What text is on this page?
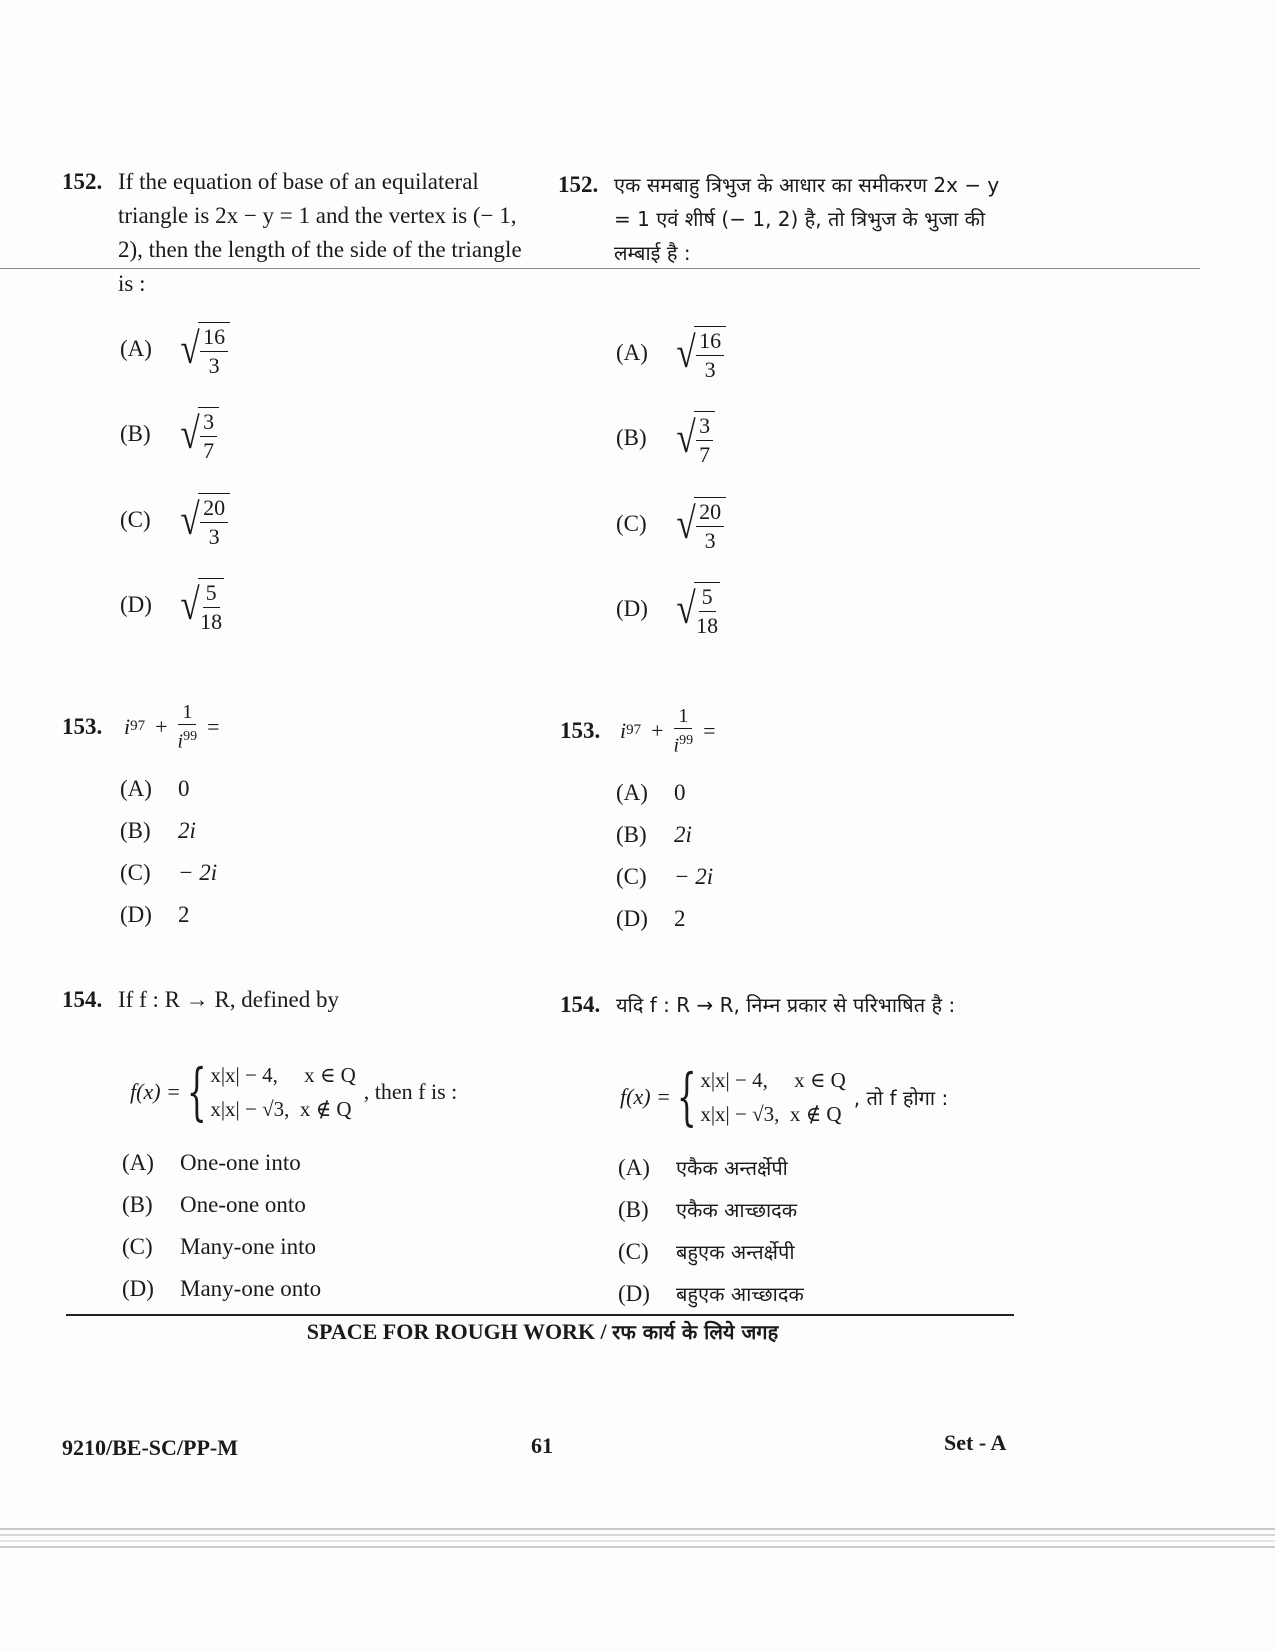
152. If the equation of base of an equilateral triangle is 2x − y = 1 and the vertex is (− 1, 2), then the length of the side of the triangle is :
(A) √
$\frac{16}{3}$
(B) √
$\frac{3}{7}$
(C) √
$\frac{20}{3}$
(D) √
$\frac{5}{18}$
153. i $97 + \frac{1}{i^{99}}$ =
(A)	0
(B)	2i
(C)	− 2i
(D)	2
154. If f : R → R, defined by
f(x) = { x|x| − 4,     x ∈ Q
x|x| − √3,  x ∉ Q
, then f is :
(A)	One-one into
(B)	One-one onto
(C)	Many-one into
(D)	Many-one onto
152. एक समबाहु त्रिभुज के आधार का समीकरण 2x − y = 1 एवं शीर्ष (− 1, 2) है, तो त्रिभुज के भुजा की लम्बाई है :
(A) √
$\frac{16}{3}$
(B) √
$\frac{3}{7}$
(C) √
$\frac{20}{3}$
(D) √
$\frac{5}{18}$
153. i $97 + \frac{1}{i^{99}}$ =
(A)	0
(B)	2i
(C)	− 2i
(D)	2
154. यदि f : R → R, निम्न प्रकार से परिभाषित है :
f(x) = { x|x| − 4,     x ∈ Q
x|x| − √3,  x ∉ Q
, तो f होगा :
(A)	एकैक अन्तर्क्षेपी
(B)	एकैक आच्छादक
(C)	बहुएक अन्तर्क्षेपी
(D)	बहुएक आच्छादक
SPACE FOR ROUGH WORK / रफ कार्य के लिये जगह
9210/BE-SC/PP-M	61	Set - A
